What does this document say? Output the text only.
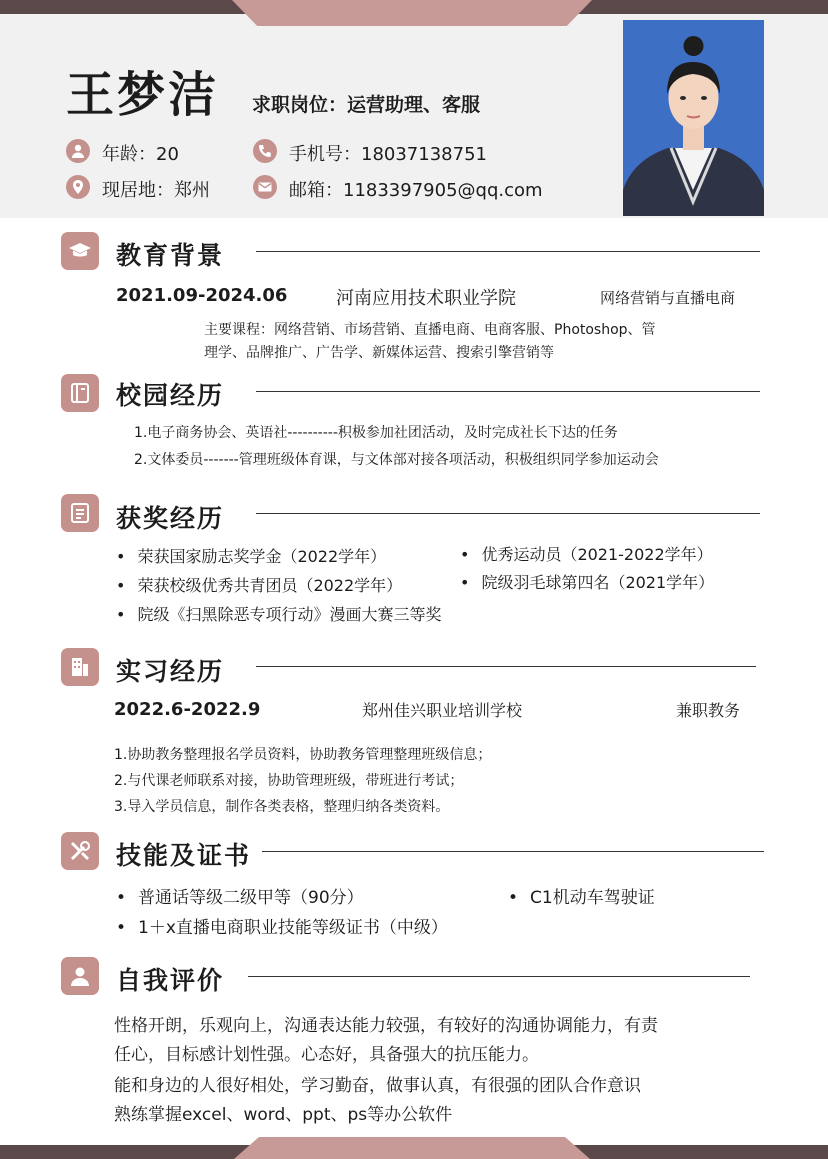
王梦洁 求职岗位：运营助理、客服
年龄：20	手机号：18037138751
现居地：郑州	邮箱：1183397905@qq.com
教育背景
2021.09-2024.06	河南应用技术职业学院	网络营销与直播电商
主要课程：网络营销、市场营销、直播电商、电商客服、Photoshop、管
理学、品牌推广、广告学、新媒体运营、搜索引擎营销等
校园经历
1.电子商务协会、英语社----------积极参加社团活动，及时完成社长下达的任务
2.文体委员-------管理班级体育课，与文体部对接各项活动，积极组织同学参加运动会
获奖经历
• 荣获国家励志奖学金（2022学年）	• 优秀运动员（2021-2022学年）
• 荣获校级优秀共青团员（2022学年）	• 院级羽毛球第四名（2021学年）
• 院级《扫黑除恶专项行动》漫画大赛三等奖
实习经历
2022.6-2022.9	郑州佳兴职业培训学校	兼职教务
1.协助教务整理报名学员资料，协助教务管理整理班级信息；
2.与代课老师联系对接，协助管理班级，带班进行考试；
3.导入学员信息，制作各类表格，整理归纳各类资料。
技能及证书
• 普通话等级二级甲等（90分）	• C1机动车驾驶证
• 1＋x直播电商职业技能等级证书（中级）
自我评价
性格开朗，乐观向上，沟通表达能力较强，有较好的沟通协调能力，有责
任心，目标感计划性强。心态好，具备强大的抗压能力。
能和身边的人很好相处，学习勤奋，做事认真，有很强的团队合作意识
熟练掌握excel、word、ppt、ps等办公软件
